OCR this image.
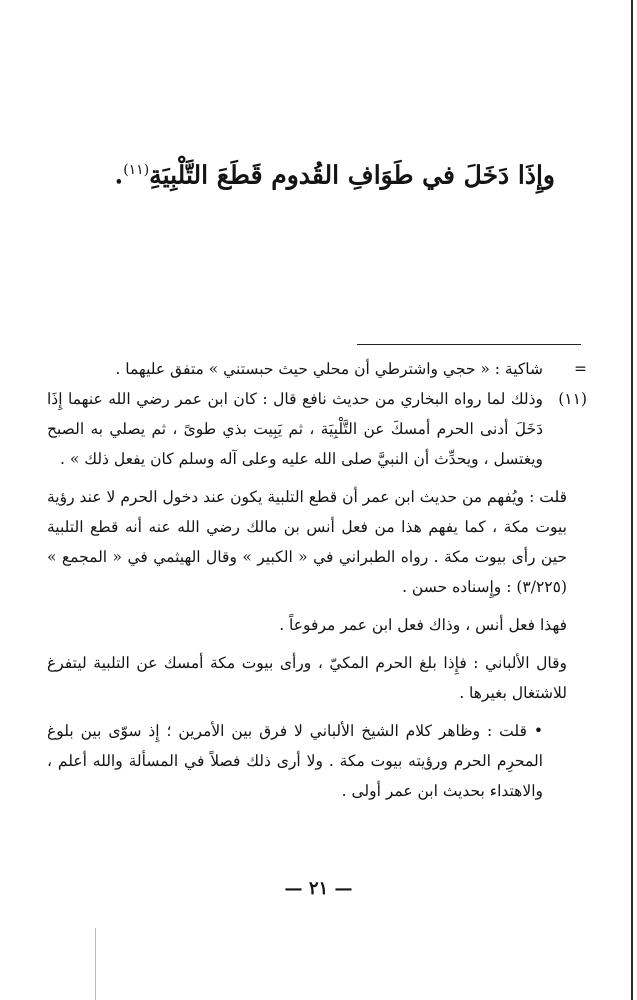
وإِذَا دَخَلَ في طَوَافِ القُدوم قَطَعَ التَّلْبِيَةِ$^{(١١)}$.
=
شاكية : « حجي واشترطي أن محلي حيث حبستني » متفق عليهما .
(١١)
وذلك لما رواه البخاري من حديث نافع قال : كان ابن عمر رضي الله عنهما إِذَا دَخَلَ أدنى الحرم أمسكَ عن التَّلْبِيَة ، ثم يَبِيت بذي طوىً ، ثم يصلي به الصبح ويغتسل ، ويحدِّث أن النبيَّ صلى الله عليه وعلى آله وسلم كان يفعل ذلك » .
قلت : ويُفهم من حديث ابن عمر أن قطع التلبية يكون عند دخول الحرم لا عند رؤية بيوت مكة ، كما يفهم هذا من فعل أنس بن مالك رضي الله عنه أنه قطع التلبية حين رأى بيوت مكة . رواه الطبراني في « الكبير » وقال الهيثمي في « المجمع » (٣/٢٢٥) : وإِسناده حسن .
فهذا فعل أنس ، وذاك فعل ابن عمر مرفوعاً .
وقال الألباني : فإِذا بلغ الحرم المكيّ ، ورأى بيوت مكة أمسك عن التلبية ليتفرغ للاشتغال بغيرها .
• قلت : وظاهر كلام الشيخ الألباني لا فرق بين الأمرين ؛ إِذ سوّى بين بلوغ المحرِم الحرم ورؤيته بيوت مكة . ولا أرى ذلك فصلاً في المسألة والله أعلم ، والاهتداء بحديث ابن عمر أولى .
— ٢١ —
